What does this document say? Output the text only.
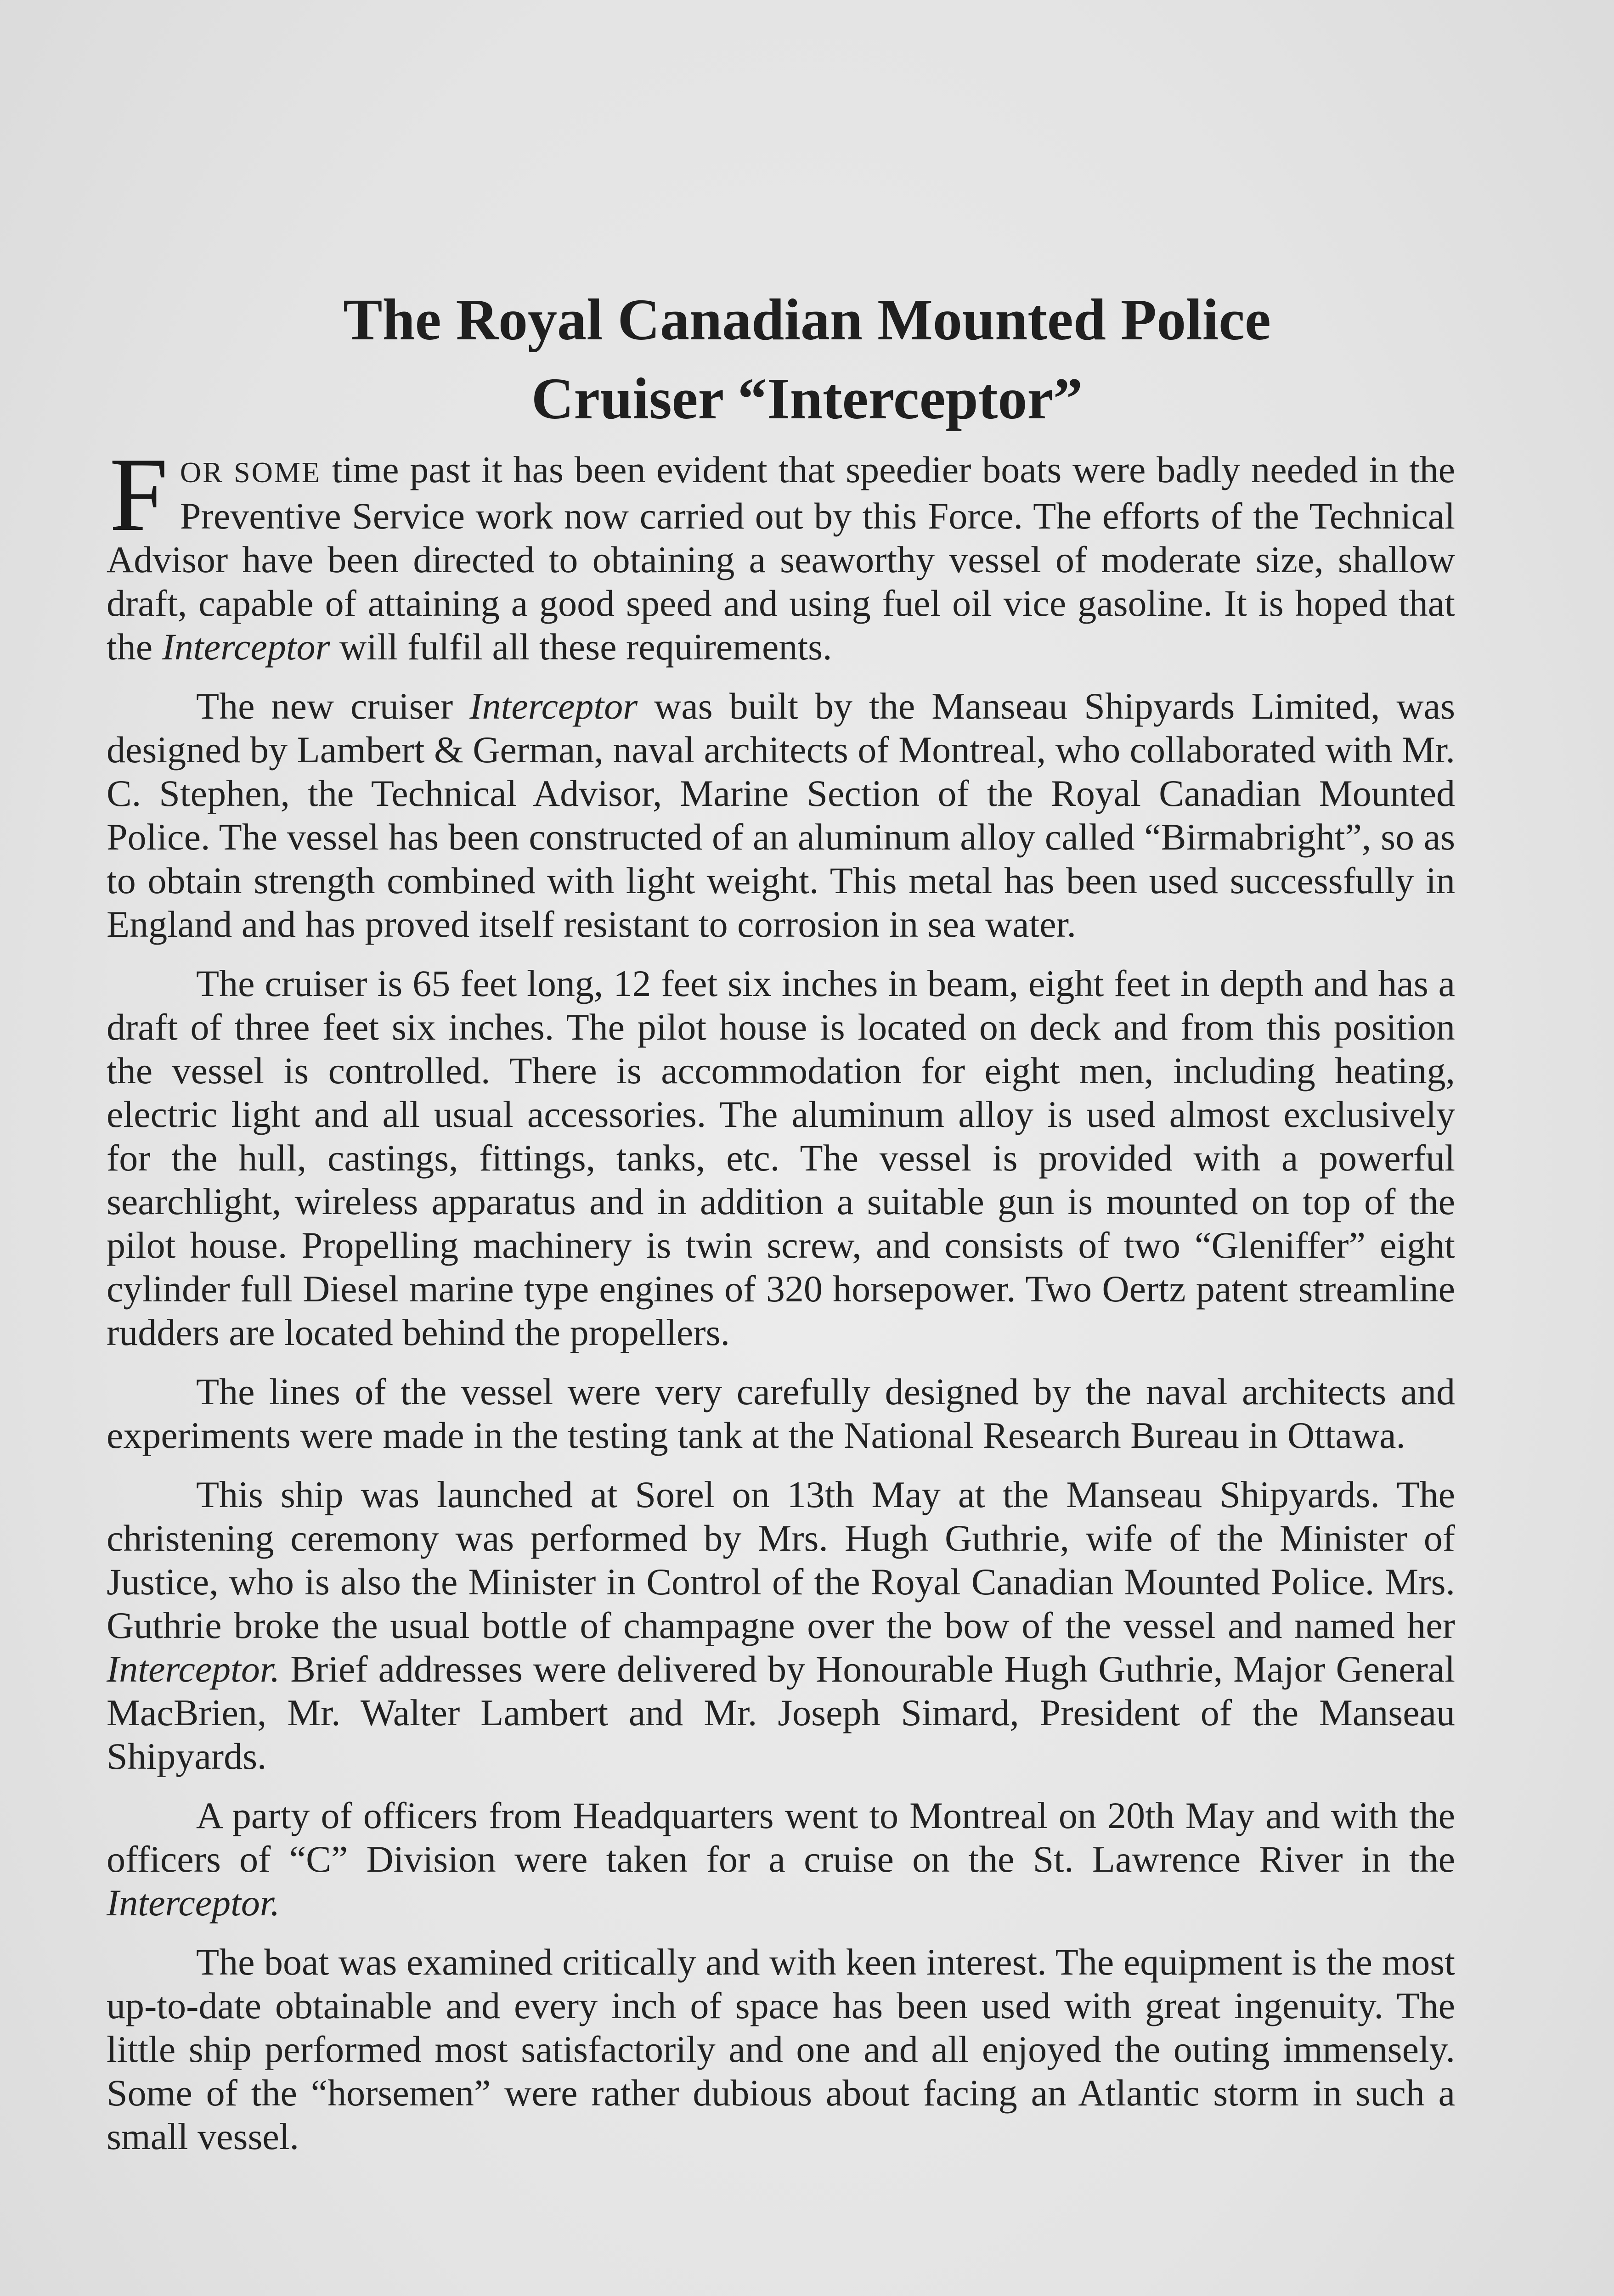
The Royal Canadian Mounted Police
Cruiser “Interceptor”

FOR SOME time past it has been evident that speedier boats were badly needed in the Preventive Service work now carried out by this Force. The efforts of the Technical Advisor have been directed to obtaining a seaworthy vessel of moderate size, shallow draft, capable of attaining a good speed and using fuel oil vice gasoline. It is hoped that the Interceptor will fulfil all these requirements.

The new cruiser Interceptor was built by the Manseau Shipyards Limited, was designed by Lambert & German, naval architects of Montreal, who collaborated with Mr. C. Stephen, the Technical Advisor, Marine Section of the Royal Canadian Mounted Police. The vessel has been constructed of an aluminum alloy called “Birmabright”, so as to obtain strength combined with light weight. This metal has been used successfully in England and has proved itself resistant to corrosion in sea water.

The cruiser is 65 feet long, 12 feet six inches in beam, eight feet in depth and has a draft of three feet six inches. The pilot house is located on deck and from this position the vessel is controlled. There is accommodation for eight men, including heating, electric light and all usual accessories. The aluminum alloy is used almost exclusively for the hull, castings, fittings, tanks, etc. The vessel is provided with a powerful searchlight, wireless apparatus and in addition a suitable gun is mounted on top of the pilot house. Propelling machinery is twin screw, and consists of two “Gleniffer” eight cylinder full Diesel marine type engines of 320 horsepower. Two Oertz patent streamline rudders are located behind the propellers.

The lines of the vessel were very carefully designed by the naval architects and experiments were made in the testing tank at the National Research Bureau in Ottawa.

This ship was launched at Sorel on 13th May at the Manseau Shipyards. The christening ceremony was performed by Mrs. Hugh Guthrie, wife of the Minister of Justice, who is also the Minister in Control of the Royal Canadian Mounted Police. Mrs. Guthrie broke the usual bottle of champagne over the bow of the vessel and named her Interceptor. Brief addresses were delivered by Honourable Hugh Guthrie, Major General MacBrien, Mr. Walter Lambert and Mr. Joseph Simard, President of the Manseau Shipyards.

A party of officers from Headquarters went to Montreal on 20th May and with the officers of “C” Division were taken for a cruise on the St. Lawrence River in the Interceptor.

The boat was examined critically and with keen interest. The equipment is the most up-to-date obtainable and every inch of space has been used with great ingenuity. The little ship performed most satisfactorily and one and all enjoyed the outing immensely. Some of the “horsemen” were rather dubious about facing an Atlantic storm in such a small vessel.
